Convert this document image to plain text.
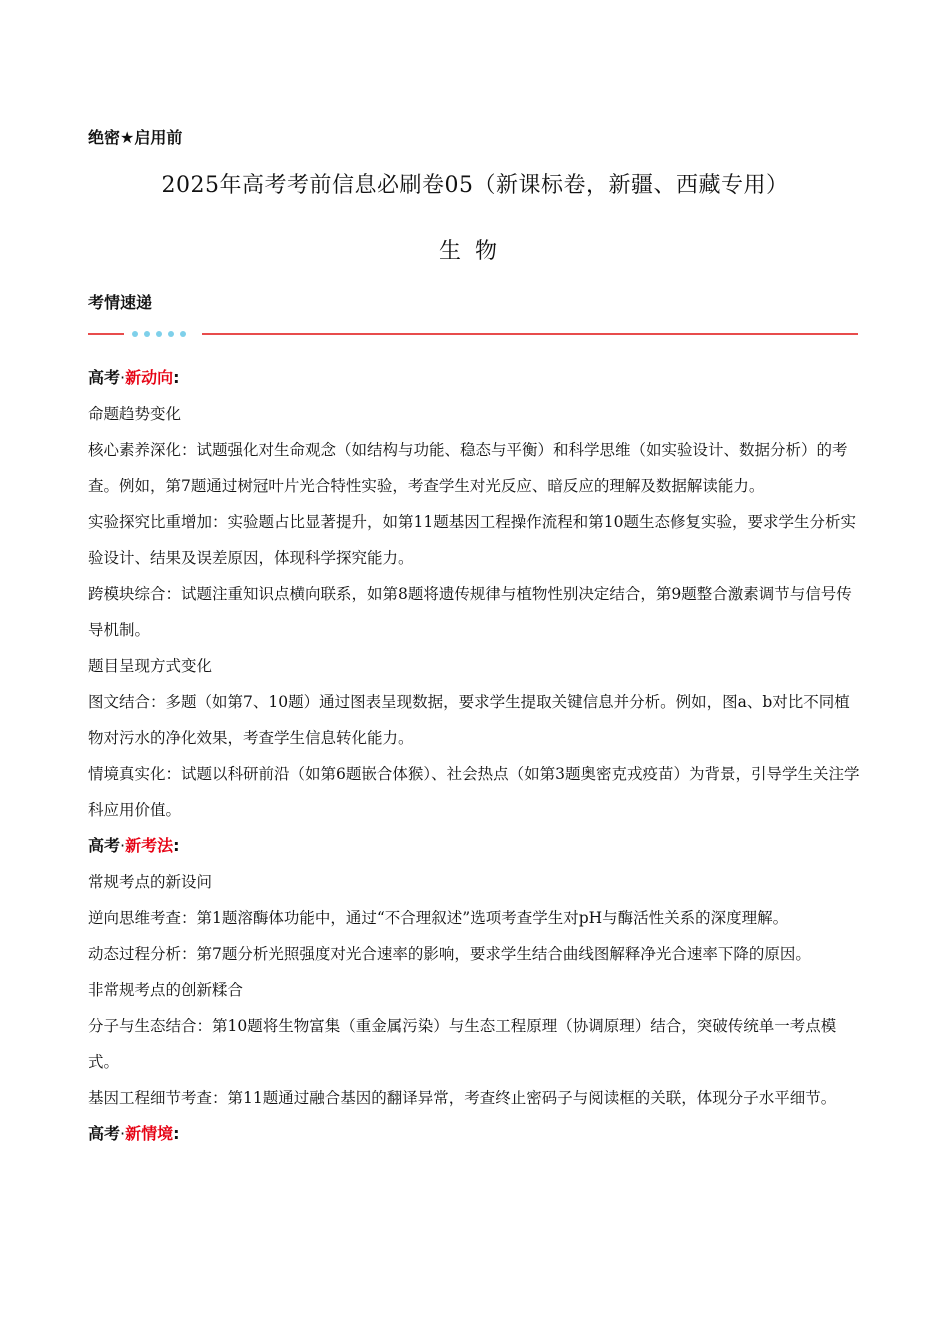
绝密★启用前
2025年高考考前信息必刷卷05（新课标卷，新疆、西藏专用）
生物
考情速递

高考·新动向:

命题趋势变化

核心素养深化：试题强化对生命观念（如结构与功能、稳态与平衡）和科学思维（如实验设计、数据分析）的考查。例如，第7题通过树冠叶片光合特性实验，考查学生对光反应、暗反应的理解及数据解读能力。

实验探究比重增加：实验题占比显著提升，如第11题基因工程操作流程和第10题生态修复实验，要求学生分析实验设计、结果及误差原因，体现科学探究能力。

跨模块综合：试题注重知识点横向联系，如第8题将遗传规律与植物性别决定结合，第9题整合激素调节与信号传导机制。

题目呈现方式变化

图文结合：多题（如第7、10题）通过图表呈现数据，要求学生提取关键信息并分析。例如，图a、b对比不同植物对污水的净化效果，考查学生信息转化能力。

情境真实化：试题以科研前沿（如第6题嵌合体猴）、社会热点（如第3题奥密克戎疫苗）为背景，引导学生关注学科应用价值。

高考·新考法:

常规考点的新设问

逆向思维考查：第1题溶酶体功能中，通过“不合理叙述”选项考查学生对pH与酶活性关系的深度理解。

动态过程分析：第7题分析光照强度对光合速率的影响，要求学生结合曲线图解释净光合速率下降的原因。

非常规考点的创新糅合

分子与生态结合：第10题将生物富集（重金属污染）与生态工程原理（协调原理）结合，突破传统单一考点模式。

基因工程细节考查：第11题通过融合基因的翻译异常，考查终止密码子与阅读框的关联，体现分子水平细节。

高考·新情境:
